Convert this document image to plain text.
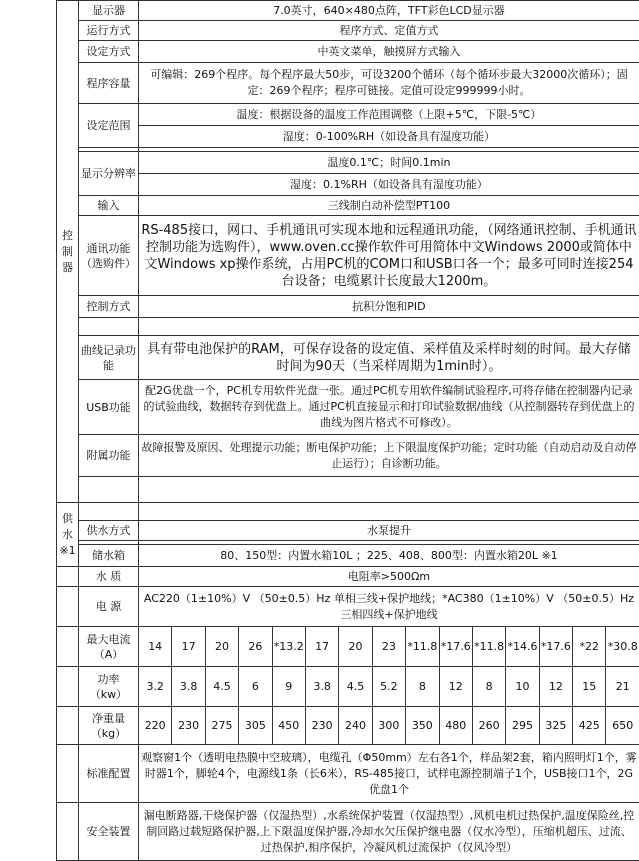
控
制
器	显示器	7.0英寸，640×480点阵，TFT彩色LCD显示器														
	运行方式	程序方式、定值方式														
	设定方式	中英文菜单，触摸屏方式输入														
	程序容量	可编辑：269个程序。每个程序最大50步，可设3200个循环（每个循环步最大32000次循环）；固定：269个程序；程序可链接。定值可设定999999小时。														
	设定范围	温度：根据设备的温度工作范围调整（上限+5℃，下限-5℃）														
		湿度：0-100%RH（如设备具有湿度功能）														

	显示分辨率	温度0.1℃；时间0.1min														
		湿度：0.1%RH（如设备具有湿度功能）														
	输入	三线制白动补偿型PT100														
	通讯功能
（选购件）	RS-485接口，网口、手机通讯可实现本地和远程通讯功能，（网络通讯控制、手机通讯控制功能为选购件），www.oven.cc操作软件可用简体中文Windows 2000或简体中文Windows xp操作系统，占用PC机的COM口和USB口各一个；最多可同时连接254台设备；电缆累计长度最大1200m。														
	控制方式	抗积分饱和PID														

	曲线记录功
能	具有带电池保护的RAM，可保存设备的设定值、采样值及采样时刻的时间。最大存储时间为90天（当采样周期为1min时）。														
	USB功能	配2G优盘一个，PC机专用软件光盘一张。通过PC机专用软件编制试验程序,可将存储在控制器内记录的试验曲线，数据转存到优盘上。通过PC机直接显示和打印试验数据/曲线（从控制器转存到优盘上的曲线为图片格式不可修改）。														
	附属功能	故障报警及原因、处理提示功能；断电保护功能；上下限温度保护功能；定时功能（自动启动及自动停止运行）；自诊断功能。														

供
水
※1																
	供水方式	水泵提升														

	储水箱	80、150型：内置水箱10L ；225、408、800型：内置水箱20L ※1														
	水 质	电阻率>500Ωm														
	电 源	AC220（1±10%）V （50±0.5）Hz 单相三线+保护地线；*AC380（1±10%）V （50±0.5）Hz 三相四线+保护地线														
	最大电流
（A）	14	17	20	26	*13.2	17	20	23	*11.8	*17.6	*11.8	*14.6	*17.6	*22	*30.8
	功率
（kw）	3.2	3.8	4.5	6	9	3.8	4.5	5.2	8	12	8	10	12	15	21
	净重量
（kg）	220	230	275	305	450	230	240	300	350	480	260	295	325	425	650
	标准配置	观察窗1个（透明电热膜中空玻璃），电缆孔（Φ50mm）左右各1个，样品架2套，箱内照明灯1个，雾时器1个，脚轮4个，电源线1条（长6米），RS-485接口，试样电源控制端子1个，USB接口1个，2G优盘1个														
	安全装置	漏电断路器,干烧保护器（仅湿热型）,水系统保护装置（仅湿热型）,风机电机过热保护,温度保险丝,控制回路过载短路保护器,上下限温度保护器,冷却水欠压保护继电器（仅水冷型），压缩机超压、过流、过热保护,相序保护，冷凝风机过流保护（仅风冷型）														
